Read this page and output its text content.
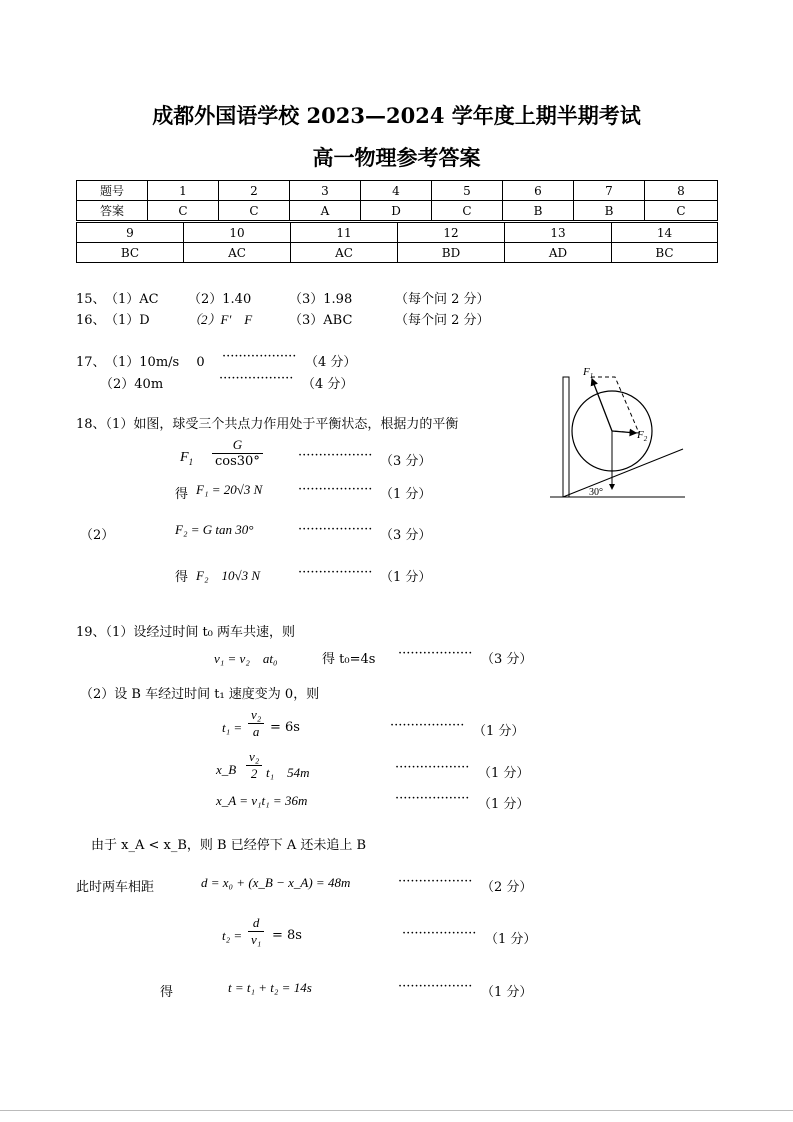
成都外国语学校 2023—2024 学年度上期半期考试
高一物理参考答案
题号	1	2	3	4	5	6	7	8
答案	C	C	A	D	C	B	B	C
9	10	11	12	13	14
BC	AC	AC	BD	AD	BC
15、 （1）AC （2）1.40	（3）1.98	（每个问 2 分）
16、 （1）D	（2）F′　F	（3）ABC	（每个问 2 分）
17、 （1）10m/s　 0 ·················· （4 分）
（2）40m	·················· （4 分）
18、（1）如图，球受三个共点力作用处于平衡状态，根据力的平衡
$F_1 \frac{G}{\cos 30^\circ}$	·················· （3 分）
得 F₁ = 20√3 N	·················· （1 分）
（2）	F₂ = G tan 30°	·················· （3 分）
得 F₂　10√3 N	·················· （1 分）
$F_1$
$F_2$
30°
19、（1）设经过时间 t₀ 两车共速，则
v₁ = v₂　at₀	得 t₀=4s ·················· （3 分）
（2）设 B 车经过时间 t₁ 速度变为 0，则
$t_1 = \frac{\text{v₂}}{a} = 6s$	·················· （1 分）
x_B $\frac{\text{v₂}}{2} t_1$　54m	·················· （1 分）
x_A = v₁t₁ = 36m	·················· （1 分）
由于 x_A < x_B，则 B 已经停下 A 还未追上 B
此时两车相距	d = x₀ + (x_B − x_A) = 48m	·················· （2 分）
$t_2 = \frac{d}{\text{v₁}} = 8s$	·················· （1 分）
得	t = t₁ + t₂ = 14s	·················· （1 分）
